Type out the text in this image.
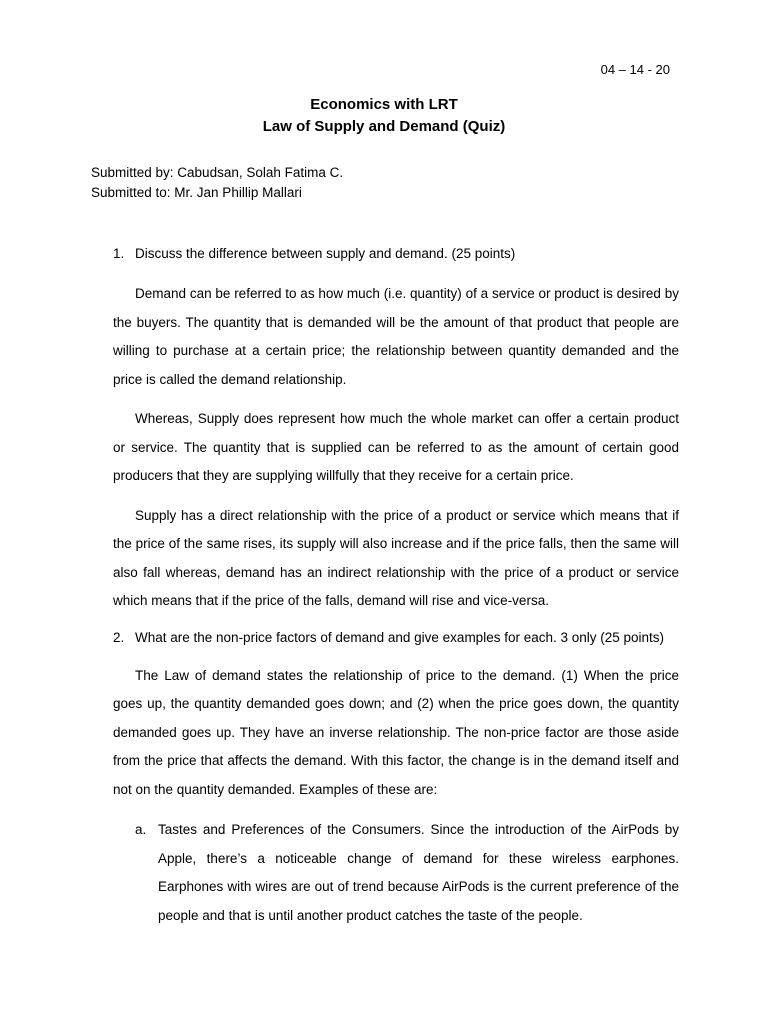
04 – 14 - 20
Economics with LRT
Law of Supply and Demand (Quiz)
Submitted by: Cabudsan, Solah Fatima C.
Submitted to: Mr. Jan Phillip Mallari
1. Discuss the difference between supply and demand. (25 points)

Demand can be referred to as how much (i.e. quantity) of a service or product is desired by the buyers. The quantity that is demanded will be the amount of that product that people are willing to purchase at a certain price; the relationship between quantity demanded and the price is called the demand relationship.

Whereas, Supply does represent how much the whole market can offer a certain product or service. The quantity that is supplied can be referred to as the amount of certain good producers that they are supplying willfully that they receive for a certain price.

Supply has a direct relationship with the price of a product or service which means that if the price of the same rises, its supply will also increase and if the price falls, then the same will also fall whereas, demand has an indirect relationship with the price of a product or service which means that if the price of the falls, demand will rise and vice-versa.

2. What are the non-price factors of demand and give examples for each. 3 only (25 points)

The Law of demand states the relationship of price to the demand. (1) When the price goes up, the quantity demanded goes down; and (2) when the price goes down, the quantity demanded goes up. They have an inverse relationship. The non-price factor are those aside from the price that affects the demand. With this factor, the change is in the demand itself and not on the quantity demanded. Examples of these are:

a. Tastes and Preferences of the Consumers. Since the introduction of the AirPods by Apple, there’s a noticeable change of demand for these wireless earphones. Earphones with wires are out of trend because AirPods is the current preference of the people and that is until another product catches the taste of the people.
